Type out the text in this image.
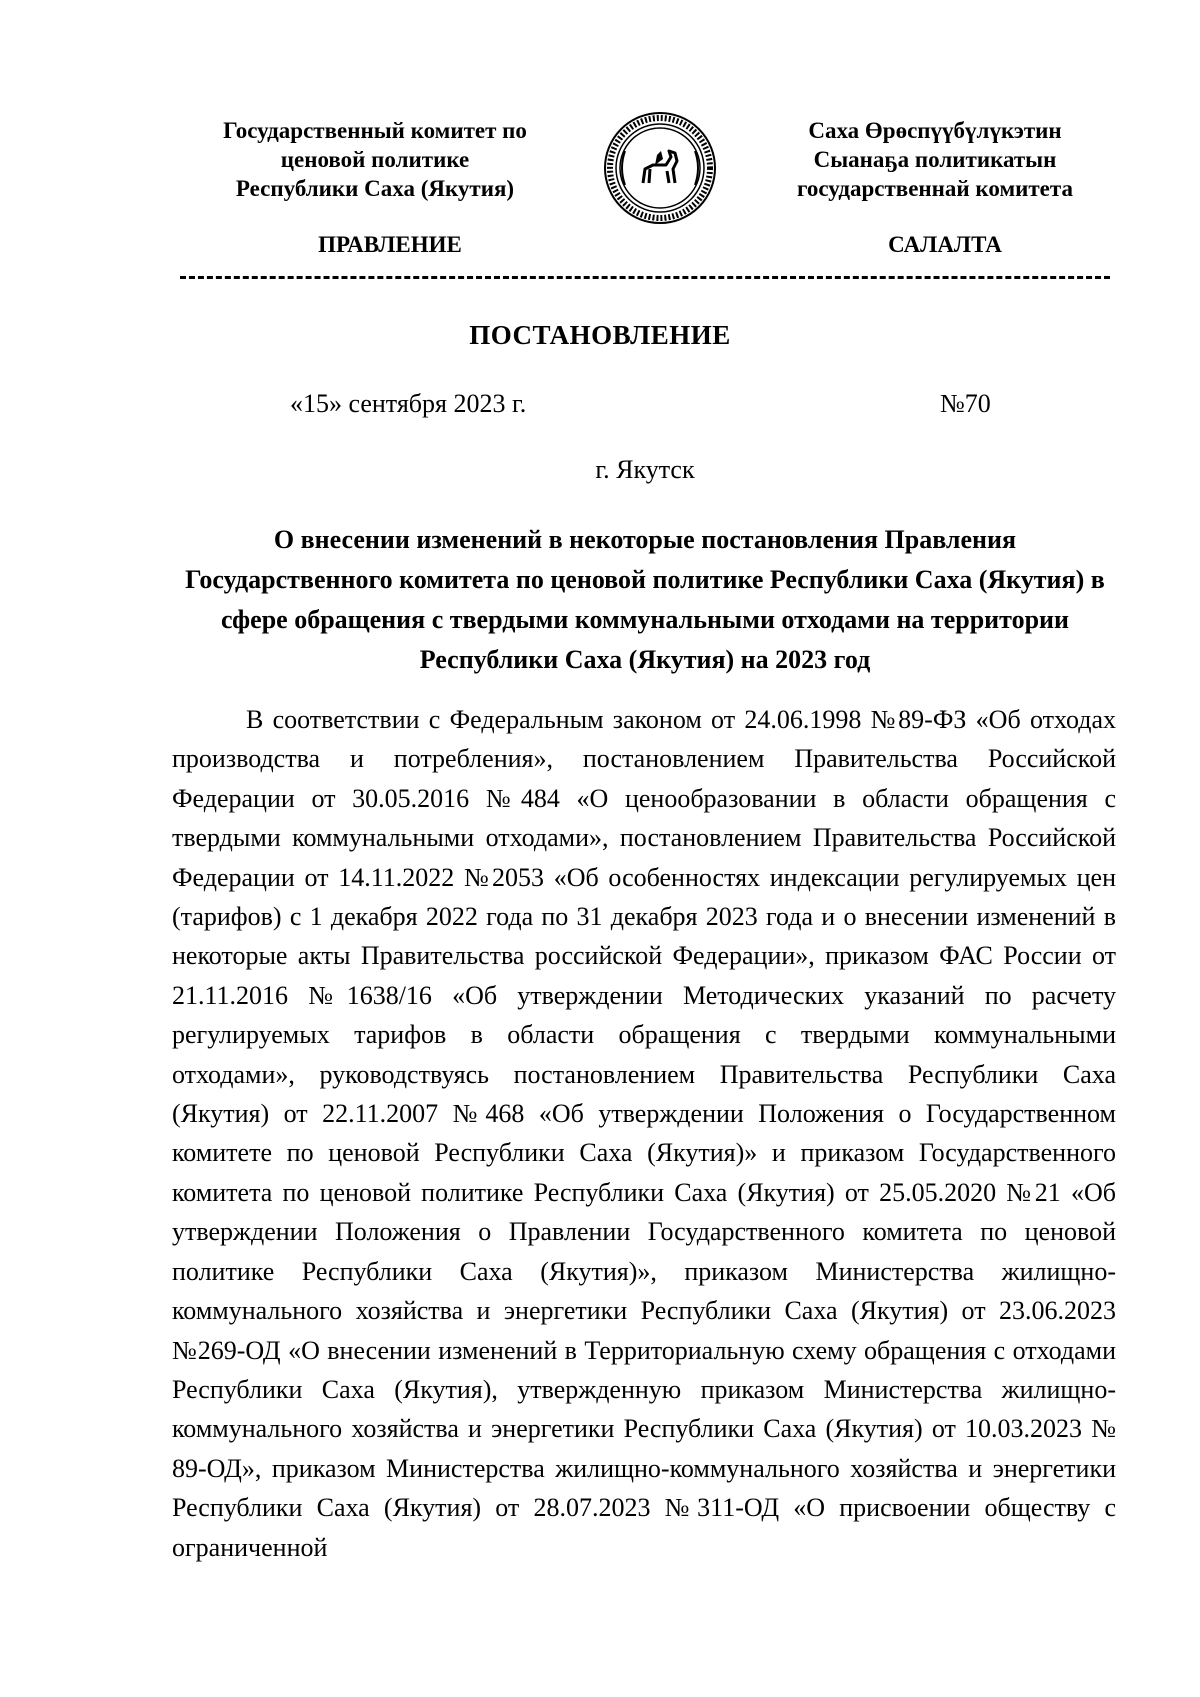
Государственный комитет по
ценовой политике
Республики Саха (Якутия)
Саха Өрөспүүбүлүкэтин
Сыанаҕа политикатын
государственнай комитета
ПРАВЛЕНИЕ	САЛАЛТА
ПОСТАНОВЛЕНИЕ
«15» сентября 2023 г.	№70
г. Якутск
О внесении изменений в некоторые постановления Правления Государственного комитета по ценовой политике Республики Саха (Якутия) в сфере обращения с твердыми коммунальными отходами на территории Республики Саха (Якутия) на 2023 год

В соответствии с Федеральным законом от 24.06.1998 №89-ФЗ «Об отходах производства и потребления», постановлением Правительства Российской Федерации от 30.05.2016 №484 «О ценообразовании в области обращения с твердыми коммунальными отходами», постановлением Правительства Российской Федерации от 14.11.2022 №2053 «Об особенностях индексации регулируемых цен (тарифов) с 1 декабря 2022 года по 31 декабря 2023 года и о внесении изменений в некоторые акты Правительства российской Федерации», приказом ФАС России от 21.11.2016 №1638/16 «Об утверждении Методических указаний по расчету регулируемых тарифов в области обращения с твердыми коммунальными отходами», руководствуясь постановлением Правительства Республики Саха (Якутия) от 22.11.2007 №468 «Об утверждении Положения о Государственном комитете по ценовой Республики Саха (Якутия)» и приказом Государственного комитета по ценовой политике Республики Саха (Якутия) от 25.05.2020 №21 «Об утверждении Положения о Правлении Государственного комитета по ценовой политике Республики Саха (Якутия)», приказом Министерства жилищно-коммунального хозяйства и энергетики Республики Саха (Якутия) от 23.06.2023 №269-ОД «О внесении изменений в Территориальную схему обращения с отходами Республики Саха (Якутия), утвержденную приказом Министерства жилищно-коммунального хозяйства и энергетики Республики Саха (Якутия) от 10.03.2023 № 89-ОД», приказом Министерства жилищно-коммунального хозяйства и энергетики Республики Саха (Якутия) от 28.07.2023 №311-ОД «О присвоении обществу с ограниченной
